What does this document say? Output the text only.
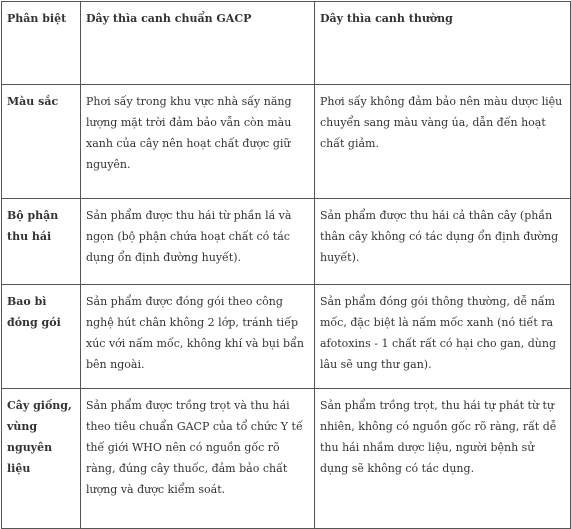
Phân biệt	Dây thìa canh chuẩn GACP	Dây thìa canh thường
Màu sắc	Phơi sấy trong khu vực nhà sấy năng lượng mặt trời đảm bảo vẫn còn màu xanh của cây nên hoạt chất được giữ nguyên.	Phơi sấy không đảm bảo nên màu dược liệu chuyển sang màu vàng úa, dẫn đến hoạt chất giảm.
Bộ phận thu hái	Sản phẩm được thu hái từ phần lá và ngọn (bộ phận chứa hoạt chất có tác dụng ổn định đường huyết).	Sản phẩm được thu hái cả thân cây (phần thân cây không có tác dụng ổn định đường huyết).
Bao bì đóng gói	Sản phẩm được đóng gói theo công nghệ hút chân không 2 lớp, tránh tiếp xúc với nấm mốc, không khí và bụi bẩn bên ngoài.	Sản phẩm đóng gói thông thường, dễ nấm mốc, đặc biệt là nấm mốc xanh (nó tiết ra afotoxins - 1 chất rất có hại cho gan, dùng lâu sẽ ung thư gan).
Cây giống, vùng nguyên liệu	Sản phẩm được trồng trọt và thu hái theo tiêu chuẩn GACP của tổ chức Y tế thế giới WHO nên có nguồn gốc rõ ràng, đúng cây thuốc, đảm bảo chất lượng và được kiểm soát.	Sản phẩm trồng trọt, thu hái tự phát từ tự nhiên, không có nguồn gốc rõ ràng, rất dễ thu hái nhầm dược liệu, người bệnh sử dụng sẽ không có tác dụng.
